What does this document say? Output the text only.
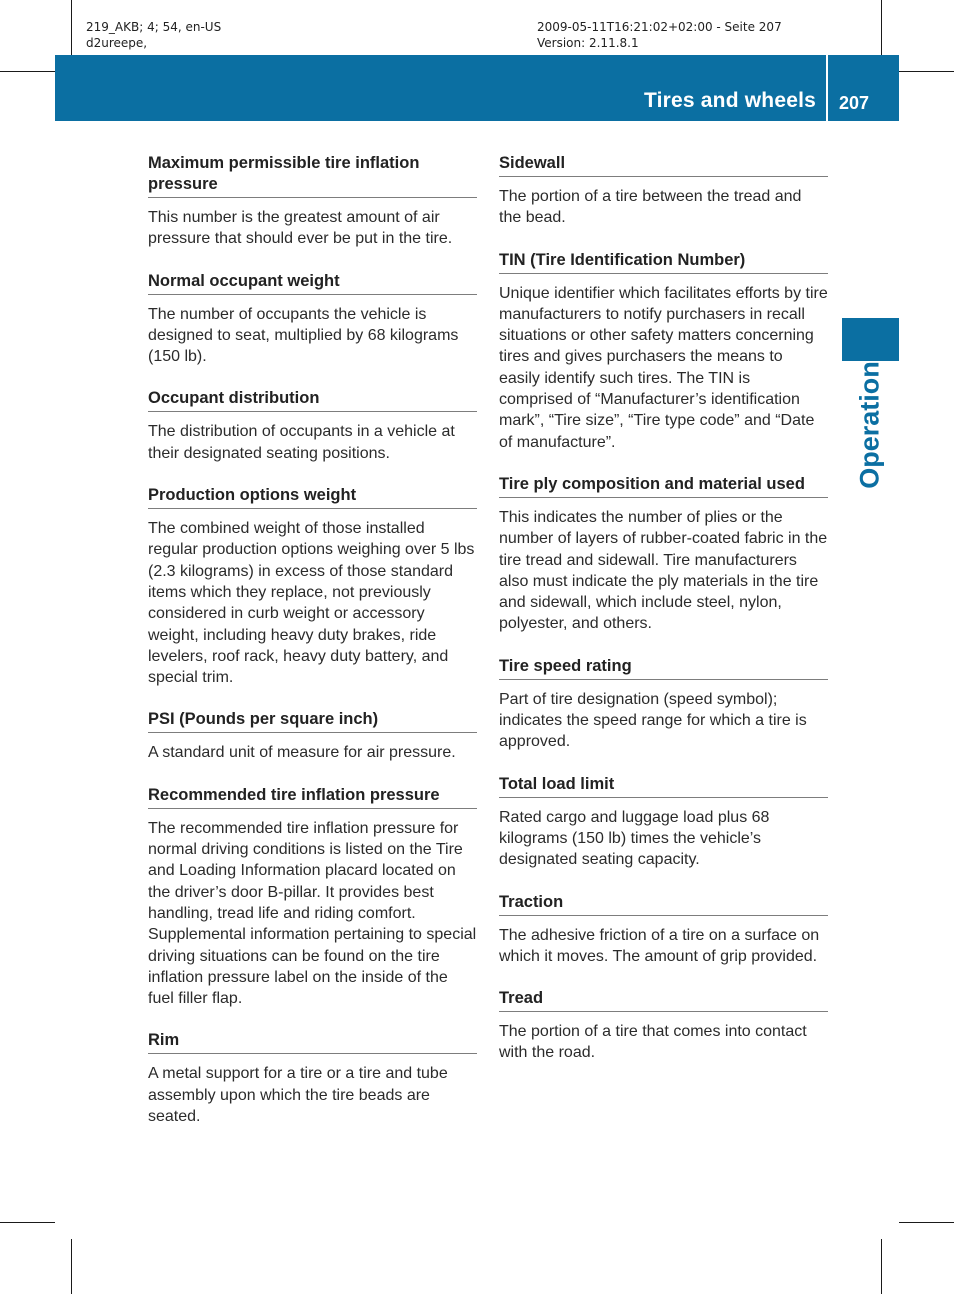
219_AKB; 4; 54, en-US
d2ureepe,
2009-05-11T16:21:02+02:00 - Seite 207
Version: 2.11.8.1
Tires and wheels 207
Operation
Maximum permissible tire inflation pressure

This number is the greatest amount of air pressure that should ever be put in the tire.

Normal occupant weight

The number of occupants the vehicle is designed to seat, multiplied by 68 kilograms (150 lb).

Occupant distribution

The distribution of occupants in a vehicle at their designated seating positions.

Production options weight

The combined weight of those installed regular production options weighing over 5 lbs (2.3 kilograms) in excess of those standard items which they replace, not previously considered in curb weight or accessory weight, including heavy duty brakes, ride levelers, roof rack, heavy duty battery, and special trim.

PSI (Pounds per square inch)

A standard unit of measure for air pressure.

Recommended tire inflation pressure

The recommended tire inflation pressure for normal driving conditions is listed on the Tire and Loading Information placard located on the driver’s door B-pillar. It provides best handling, tread life and riding comfort. Supplemental information pertaining to special driving situations can be found on the tire inflation pressure label on the inside of the fuel filler flap.

Rim

A metal support for a tire or a tire and tube assembly upon which the tire beads are seated.

Sidewall

The portion of a tire between the tread and the bead.

TIN (Tire Identification Number)

Unique identifier which facilitates efforts by tire manufacturers to notify purchasers in recall situations or other safety matters concerning tires and gives purchasers the means to easily identify such tires. The TIN is comprised of “Manufacturer’s identification mark”, “Tire size”, “Tire type code” and “Date of manufacture”.

Tire ply composition and material used

This indicates the number of plies or the number of layers of rubber-coated fabric in the tire tread and sidewall. Tire manufacturers also must indicate the ply materials in the tire and sidewall, which include steel, nylon, polyester, and others.

Tire speed rating

Part of tire designation (speed symbol); indicates the speed range for which a tire is approved.

Total load limit

Rated cargo and luggage load plus 68 kilograms (150 lb) times the vehicle’s designated seating capacity.

Traction

The adhesive friction of a tire on a surface on which it moves. The amount of grip provided.

Tread

The portion of a tire that comes into contact with the road.
